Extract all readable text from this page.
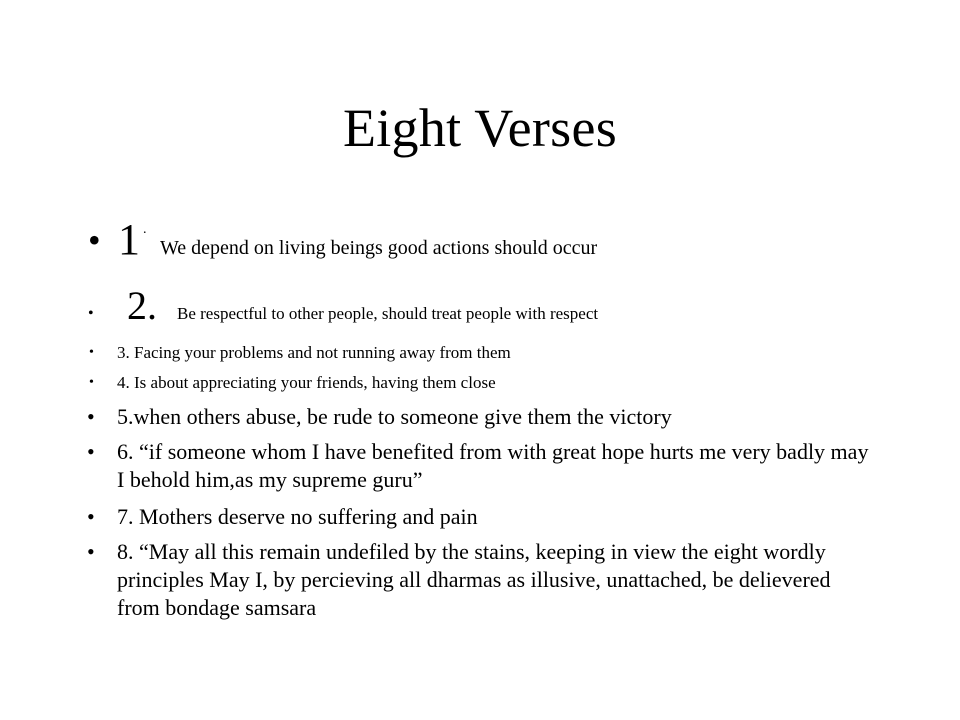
Eight Verses
• 1 .
We depend on living beings good actions should occur
• 2. Be respectful to other people, should treat people with respect
• 3. Facing your problems and not running away from them
• 4. Is about appreciating your friends, having them close
• 5.when others abuse, be rude to someone give them the victory
• 6. “if someone whom I have benefited from with great hope hurts me very badly may I behold him,as my supreme guru”
• 7. Mothers deserve no suffering and pain
• 8. “May all this remain undefiled by the stains, keeping in view the eight wordly principles May I, by percieving all dharmas as illusive, unattached, be delievered from bondage samsara
